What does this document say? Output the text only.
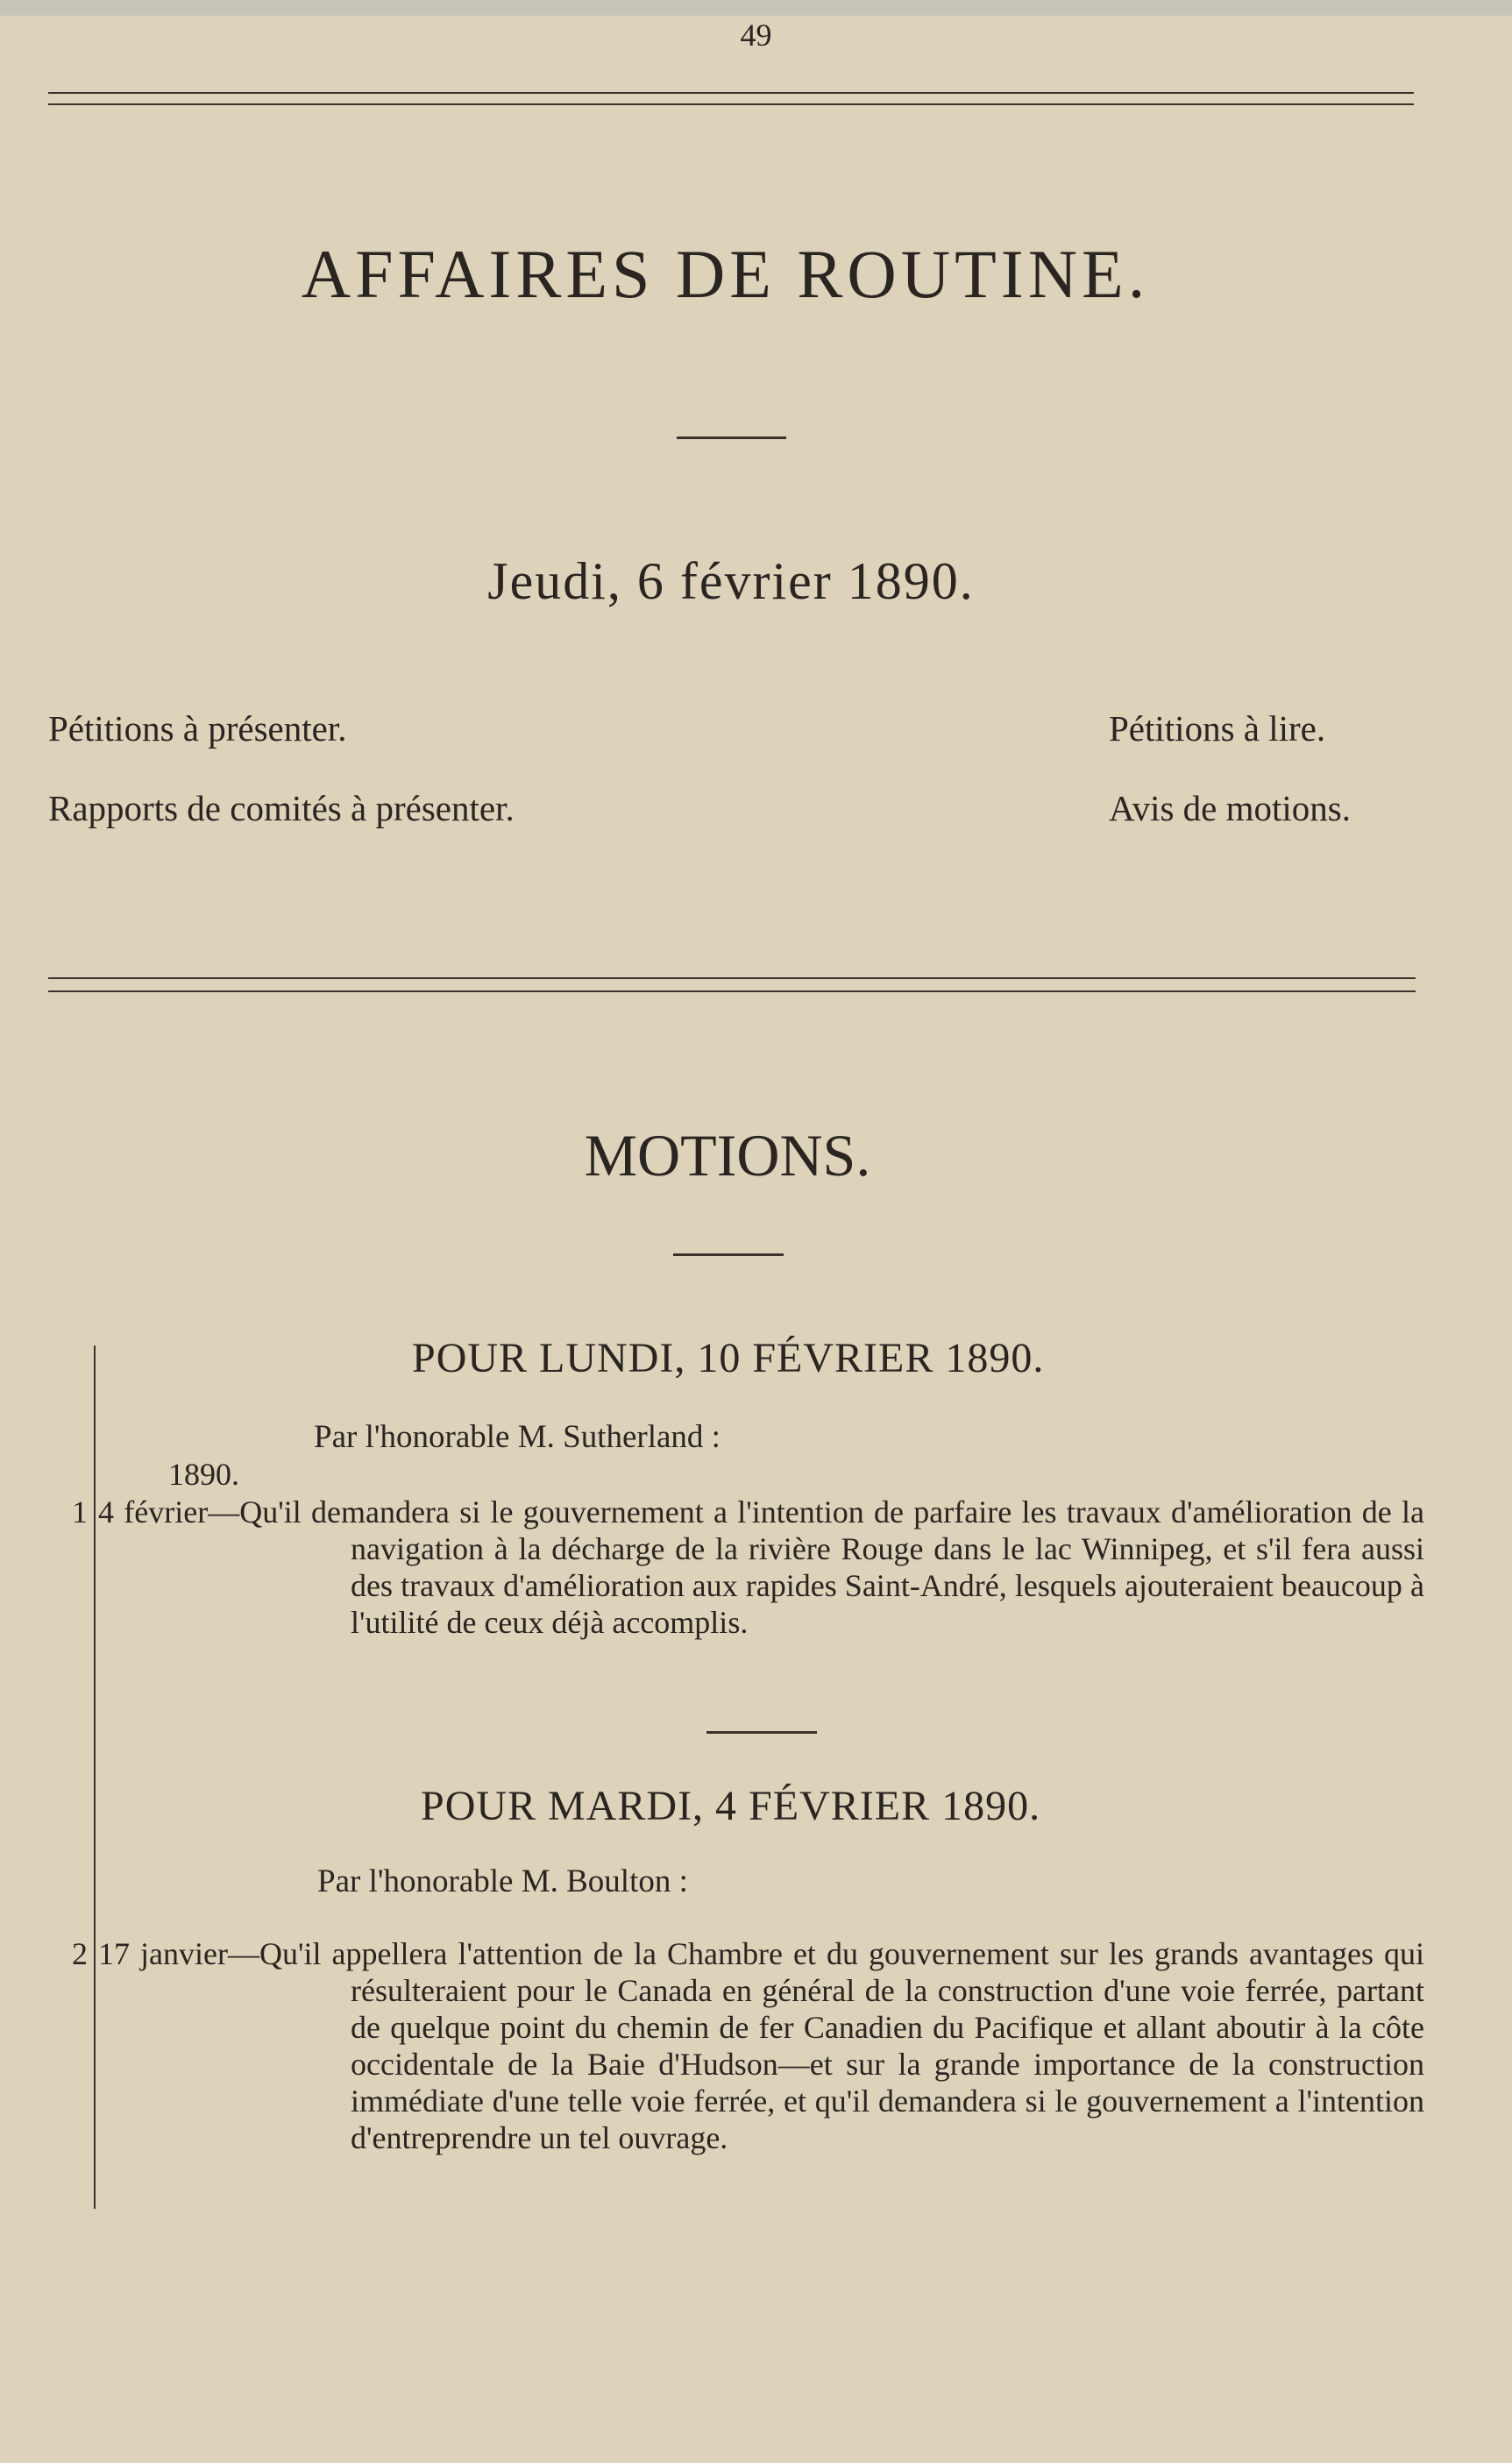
49
AFFAIRES DE ROUTINE.
Jeudi, 6 février 1890.
Pétitions à présenter.
Rapports de comités à présenter.
Pétitions à lire.
Avis de motions.
MOTIONS.
POUR LUNDI, 10 FÉVRIER 1890.
Par l'honorable M. Sutherland :
1890.
1 4 février—Qu'il demandera si le gouvernement a l'intention de parfaire les travaux d'amélioration de la navigation à la décharge de la rivière Rouge dans le lac Winnipeg, et s'il fera aussi des travaux d'amélioration aux rapides Saint-André, lesquels ajouteraient beaucoup à l'utilité de ceux déjà accomplis.
POUR MARDI, 4 FÉVRIER 1890.
Par l'honorable M. Boulton :
2 17 janvier—Qu'il appellera l'attention de la Chambre et du gouvernement sur les grands avantages qui résulteraient pour le Canada en général de la construction d'une voie ferrée, partant de quelque point du chemin de fer Canadien du Pacifique et allant aboutir à la côte occidentale de la Baie d'Hudson—et sur la grande importance de la construction immédiate d'une telle voie ferrée, et qu'il demandera si le gouvernement a l'intention d'entreprendre un tel ouvrage.
